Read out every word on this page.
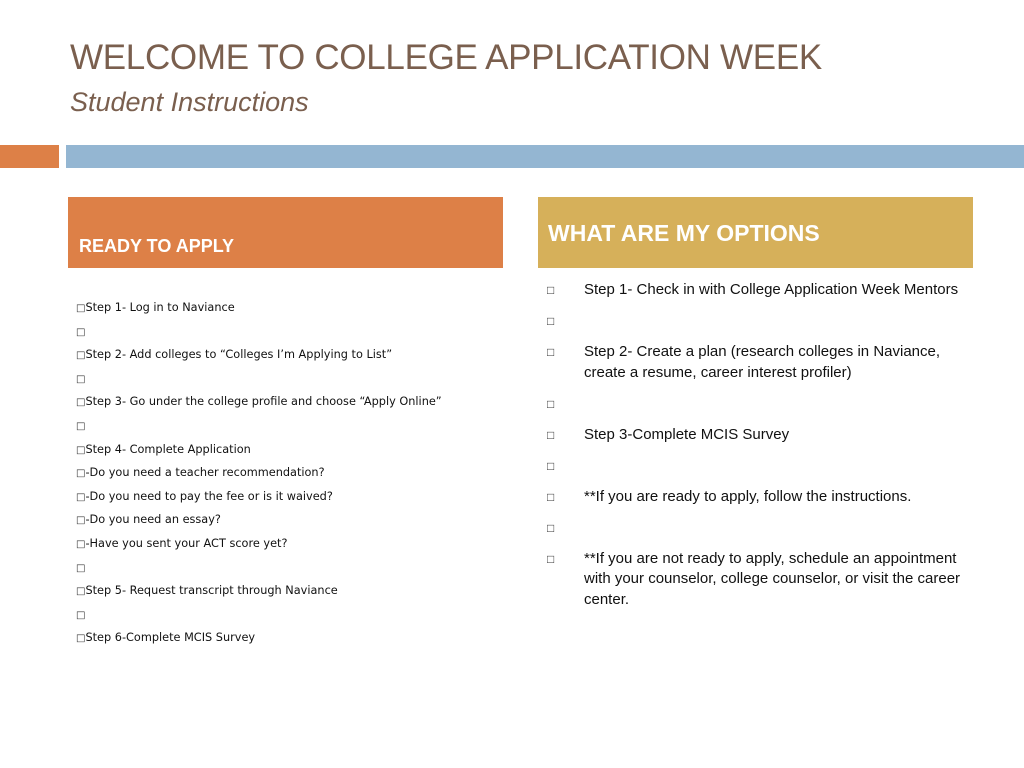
WELCOME TO COLLEGE APPLICATION WEEK
Student Instructions
READY TO APPLY	WHAT ARE MY OPTIONS
□Step 1- Log in to Naviance
□
□Step 2- Add colleges to “Colleges I’m Applying to List”
□
□Step 3- Go under the college profile and choose “Apply Online”
□
□Step 4- Complete Application
□-Do you need a teacher recommendation?
□-Do you need to pay the fee or is it waived?
□-Do you need an essay?
□-Have you sent your ACT score yet?
□
□Step 5- Request transcript through Naviance
□
□Step 6-Complete MCIS Survey
□ Step 1- Check in with College Application Week Mentors
□
□ Step 2- Create a plan (research colleges in Naviance, create a resume, career interest profiler)
□
□ Step 3-Complete MCIS Survey
□
□ **If you are ready to apply, follow the instructions.
□
□ **If you are not ready to apply, schedule an appointment with your counselor, college counselor, or visit the career center.
